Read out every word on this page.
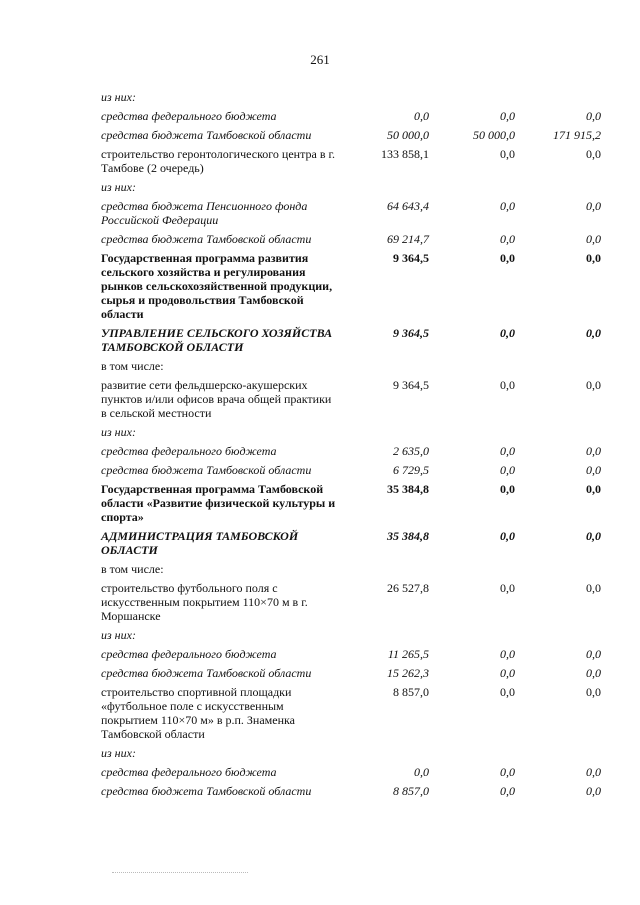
261
из них:			
средства федерального бюджета	0,0	0,0	0,0
средства бюджета Тамбовской области	50 000,0	50 000,0	171 915,2
строительство геронтологического центра в г. Тамбове (2 очередь)	133 858,1	0,0	0,0
из них:			
средства бюджета Пенсионного фонда Российской Федерации	64 643,4	0,0	0,0
средства бюджета Тамбовской области	69 214,7	0,0	0,0
Государственная программа развития сельского хозяйства и регулирования рынков сельскохозяйственной продукции, сырья и продовольствия Тамбовской области	9 364,5	0,0	0,0
УПРАВЛЕНИЕ СЕЛЬСКОГО ХОЗЯЙСТВА ТАМБОВСКОЙ ОБЛАСТИ	9 364,5	0,0	0,0
в том числе:			
развитие сети фельдшерско-акушерских пунктов и/или офисов врача общей практики в сельской местности	9 364,5	0,0	0,0
из них:			
средства федерального бюджета	2 635,0	0,0	0,0
средства бюджета Тамбовской области	6 729,5	0,0	0,0
Государственная программа Тамбовской области «Развитие физической культуры и спорта»	35 384,8	0,0	0,0
АДМИНИСТРАЦИЯ ТАМБОВСКОЙ ОБЛАСТИ	35 384,8	0,0	0,0
в том числе:			
строительство футбольного поля с искусственным покрытием 110×70 м в г. Моршанске	26 527,8	0,0	0,0
из них:			
средства федерального бюджета	11 265,5	0,0	0,0
средства бюджета Тамбовской области	15 262,3	0,0	0,0
строительство спортивной площадки «футбольное поле с искусственным покрытием 110×70 м» в р.п. Знаменка Тамбовской области	8 857,0	0,0	0,0
из них:			
средства федерального бюджета	0,0	0,0	0,0
средства бюджета Тамбовской области	8 857,0	0,0	0,0
